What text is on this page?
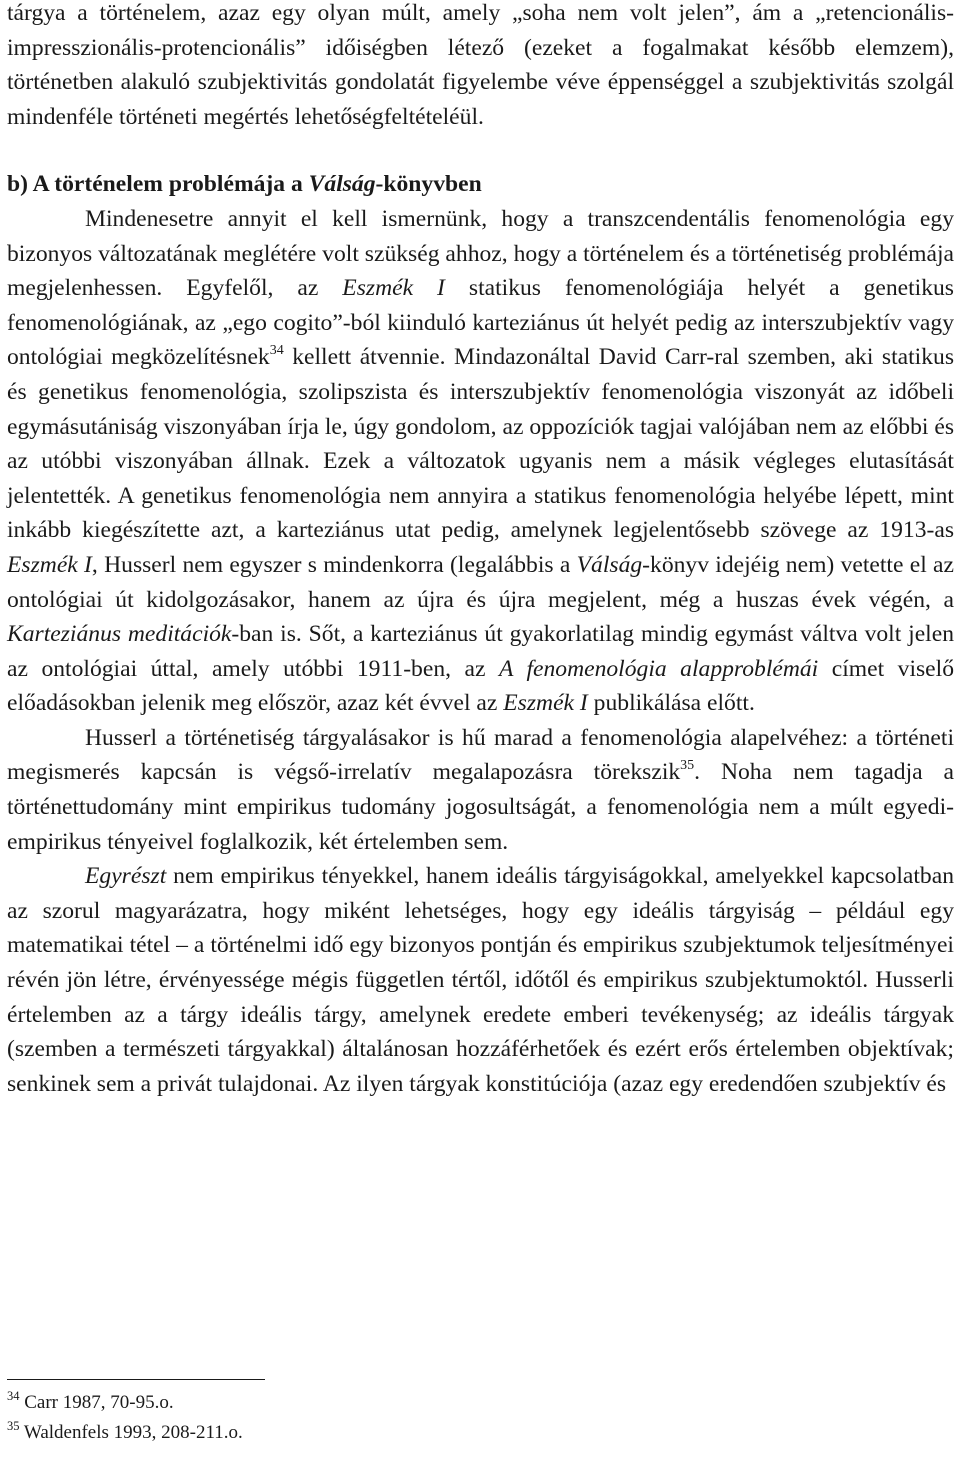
tárgya a történelem, azaz egy olyan múlt, amely „soha nem volt jelen”, ám a „retencionális-impresszionális-protencionális” időiségben létező (ezeket a fogalmakat később elemzem), történetben alakuló szubjektivitás gondolatát figyelembe véve éppenséggel a szubjektivitás szolgál mindenféle történeti megértés lehetőségfeltételéül.

b) A történelem problémája a Válság-könyvben

Mindenesetre annyit el kell ismernünk, hogy a transzcendentális fenomenológia egy bizonyos változatának meglétére volt szükség ahhoz, hogy a történelem és a történetiség problémája megjelenhessen. Egyfelől, az Eszmék I statikus fenomenológiája helyét a genetikus fenomenológiának, az „ego cogito”-ból kiinduló karteziánus út helyét pedig az interszubjektív vagy ontológiai megközelítésnek$^{34}$ kellett átvennie. Mindazonáltal David Carr-ral szemben, aki statikus és genetikus fenomenológia, szolipszista és interszubjektív fenomenológia viszonyát az időbeli egymásutániság viszonyában írja le, úgy gondolom, az oppozíciók tagjai valójában nem az előbbi és az utóbbi viszonyában állnak. Ezek a változatok ugyanis nem a másik végleges elutasítását jelentették. A genetikus fenomenológia nem annyira a statikus fenomenológia helyébe lépett, mint inkább kiegészítette azt, a karteziánus utat pedig, amelynek legjelentősebb szövege az 1913-as Eszmék I, Husserl nem egyszer s mindenkorra (legalábbis a Válság-könyv idejéig nem) vetette el az ontológiai út kidolgozásakor, hanem az újra és újra megjelent, még a huszas évek végén, a Karteziánus meditációk-ban is. Sőt, a karteziánus út gyakorlatilag mindig egymást váltva volt jelen az ontológiai úttal, amely utóbbi 1911-ben, az A fenomenológia alapproblémái címet viselő előadásokban jelenik meg először, azaz két évvel az Eszmék I publikálása előtt.

Husserl a történetiség tárgyalásakor is hű marad a fenomenológia alapelvéhez: a történeti megismerés kapcsán is végső-irrelatív megalapozásra törekszik$^{35}$. Noha nem tagadja a történettudomány mint empirikus tudomány jogosultságát, a fenomenológia nem a múlt egyedi-empirikus tényeivel foglalkozik, két értelemben sem.

Egyrészt nem empirikus tényekkel, hanem ideális tárgyiságokkal, amelyekkel kapcsolatban az szorul magyarázatra, hogy miként lehetséges, hogy egy ideális tárgyiság – például egy matematikai tétel – a történelmi idő egy bizonyos pontján és empirikus szubjektumok teljesítményei révén jön létre, érvényessége mégis független tértől, időtől és empirikus szubjektumoktól. Husserli értelemben az a tárgy ideális tárgy, amelynek eredete emberi tevékenység; az ideális tárgyak (szemben a természeti tárgyakkal) általánosan hozzáférhetőek és ezért erős értelemben objektívak; senkinek sem a privát tulajdonai. Az ilyen tárgyak konstitúciója (azaz egy eredendően szubjektív és

$^{34}$ Carr 1987, 70-95.o.

$^{35}$ Waldenfels 1993, 208-211.o.
